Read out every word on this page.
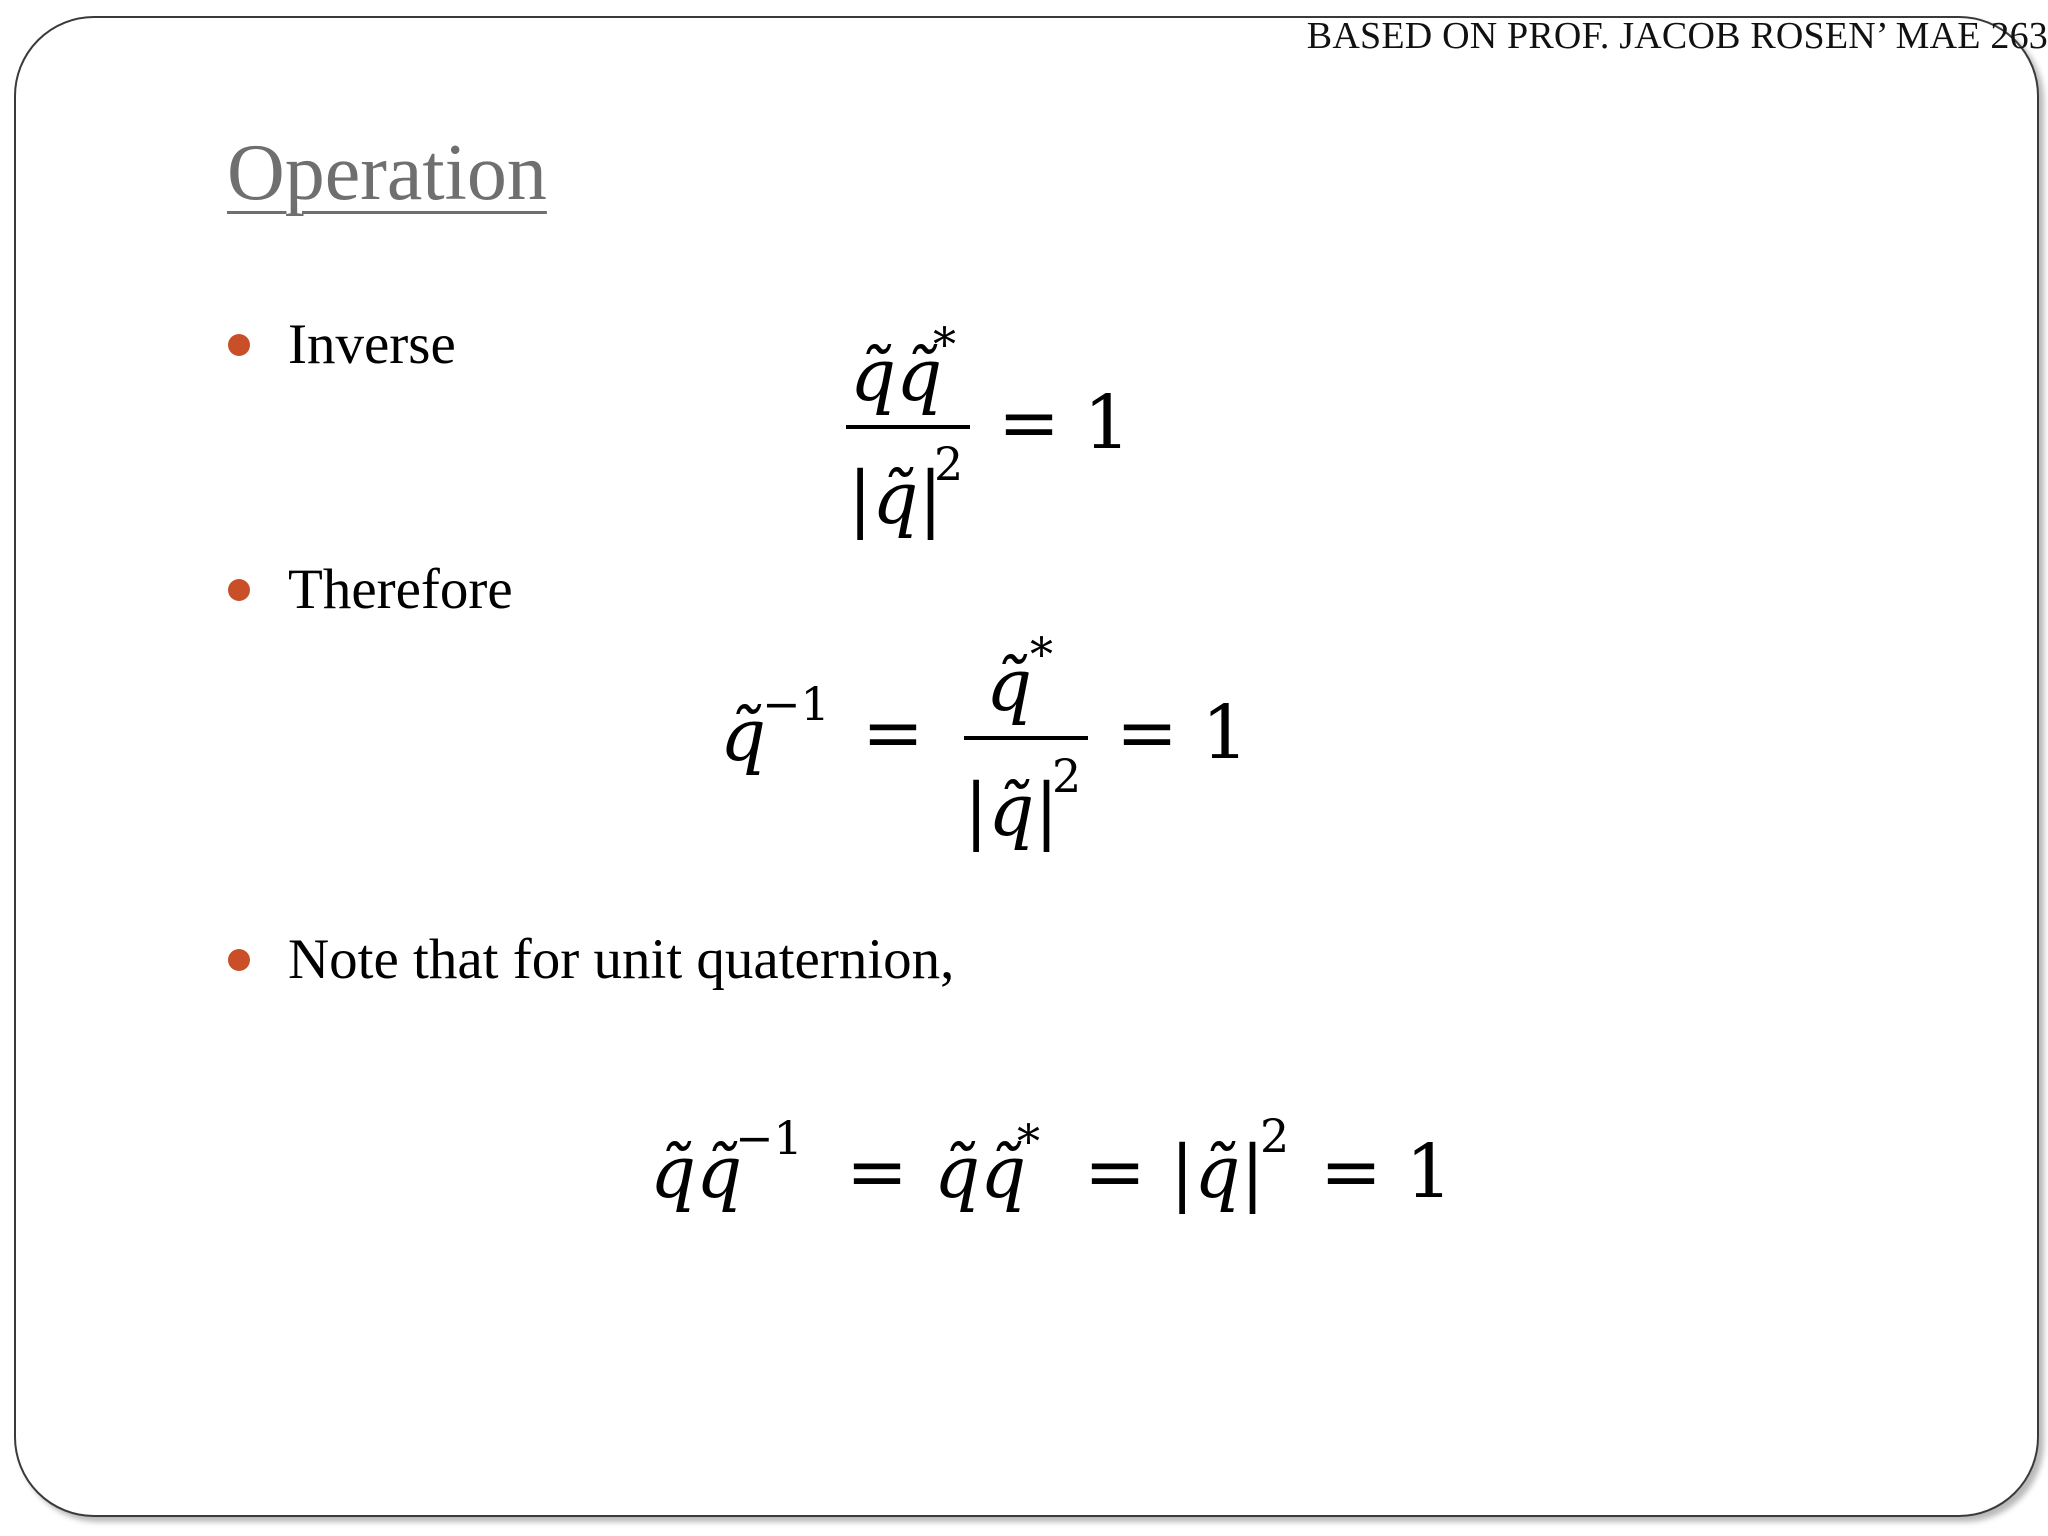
BASED ON PROF. JACOB ROSEN’ MAE 263
Operation
Inverse
Therefore
Note that for unit quaternion,
q̃q̃
*
|q̃|
2 = 1
q̃
−1 =
q̃
*
|q̃|
2 = 1
q̃q̃
−1 = q̃q̃
* = |q̃|
2 = 1
